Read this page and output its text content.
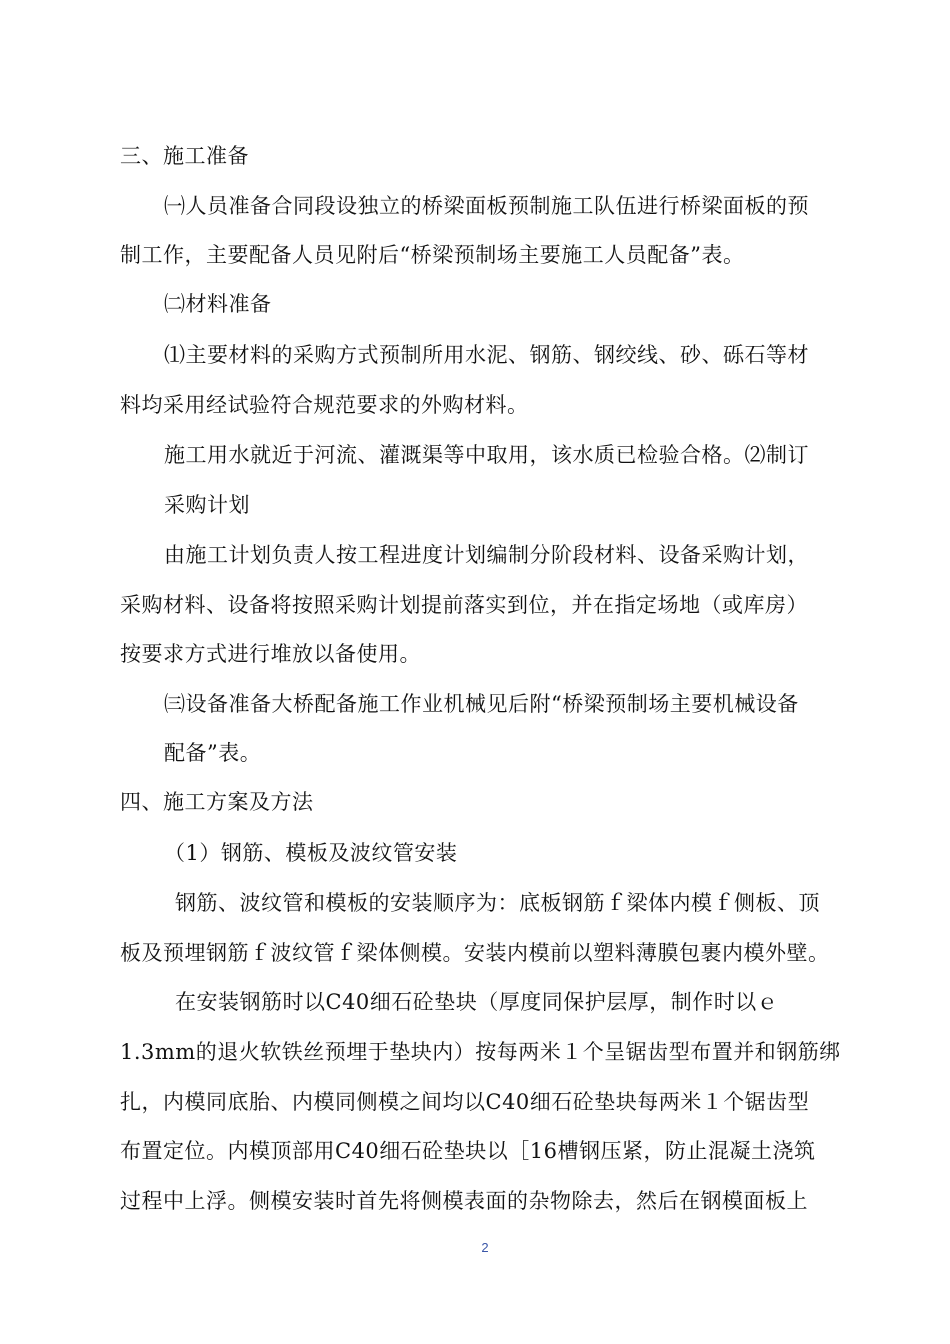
三、施工准备
㈠人员准备合同段设独立的桥梁面板预制施工队伍进行桥梁面板的预
制工作，主要配备人员见附后“桥梁预制场主要施工人员配备”表。
㈡材料准备
⑴主要材料的采购方式预制所用水泥、钢筋、钢绞线、砂、砾石等材
料均采用经试验符合规范要求的外购材料。
施工用水就近于河流、灌溉渠等中取用，该水质已检验合格。⑵制订
采购计划
由施工计划负责人按工程进度计划编制分阶段材料、设备采购计划，
采购材料、设备将按照采购计划提前落实到位，并在指定场地（或库房）
按要求方式进行堆放以备使用。
㈢设备准备大桥配备施工作业机械见后附“桥梁预制场主要机械设备
配备”表。
四、施工方案及方法
（1）钢筋、模板及波纹管安装
钢筋、波纹管和模板的安装顺序为：底板钢筋ｆ梁体内模ｆ侧板、顶
板及预埋钢筋ｆ波纹管ｆ梁体侧模。安装内模前以塑料薄膜包裹内模外壁。
在安装钢筋时以C40细石砼垫块（厚度同保护层厚，制作时以ｅ
1.3mm的退火软铁丝预埋于垫块内）按每两米１个呈锯齿型布置并和钢筋绑
扎，内模同底胎、内模同侧模之间均以C40细石砼垫块每两米１个锯齿型
布置定位。内模顶部用C40细石砼垫块以［16槽钢压紧，防止混凝土浇筑
过程中上浮。侧模安装时首先将侧模表面的杂物除去，然后在钢模面板上
2
